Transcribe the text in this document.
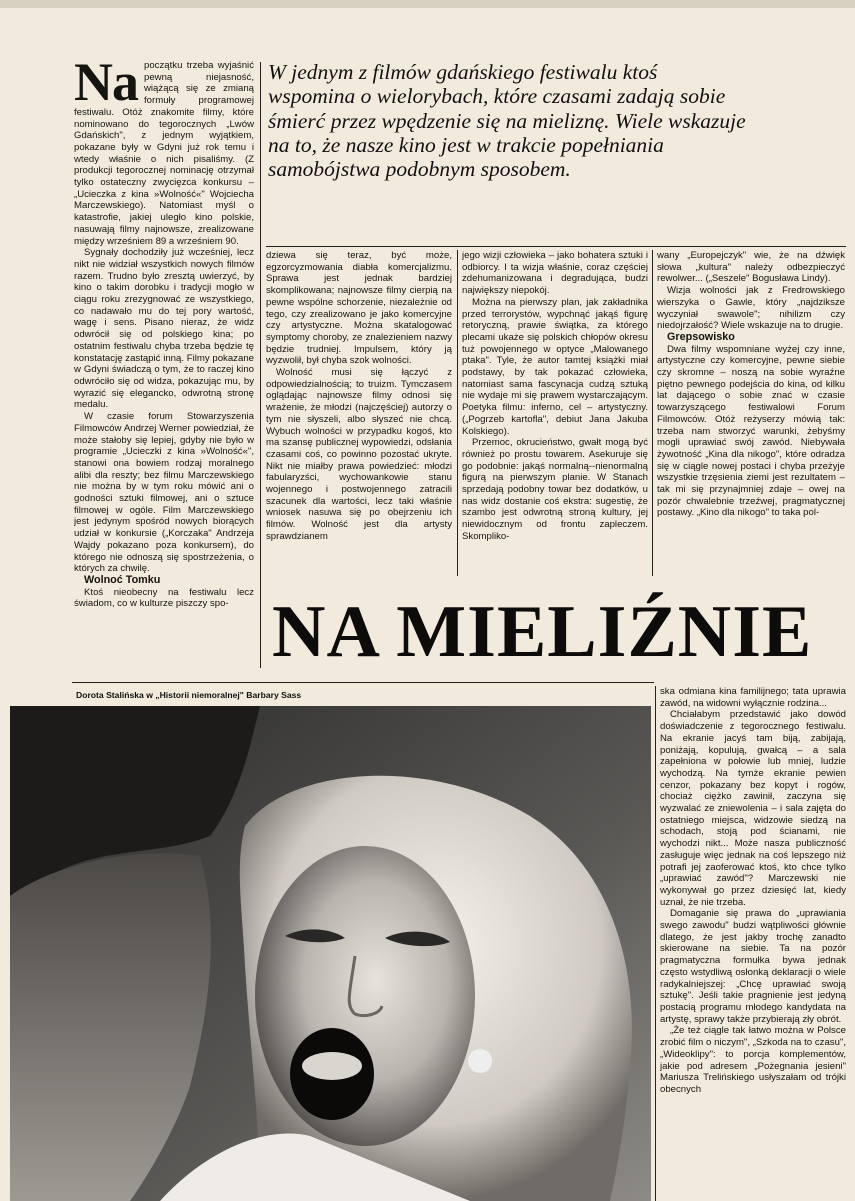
Na początku trzeba wyjaśnić pewną niejasność, wiążącą się ze zmianą formuły programowej festiwalu. Otóż znakomite filmy, które nominowano do tegorocznych „Lwów Gdańskich", z jednym wyjątkiem, pokazane były w Gdyni już rok temu i wtedy właśnie o nich pisaliśmy. (Z produkcji tegorocznej nominację otrzymał tylko ostateczny zwycięzca konkursu – „Ucieczka z kina »Wolność«" Wojciecha Marczewskiego). Natomiast myśl o katastrofie, jakiej uległo kino polskie, nasuwają filmy najnowsze, zrealizowane między wrześniem 89 a wrześniem 90.

Sygnały dochodziły już wcześniej, lecz nikt nie widział wszystkich nowych filmów razem. Trudno było zresztą uwierzyć, by kino o takim dorobku i tradycji mogło w ciągu roku zrezygnować ze wszystkiego, co nadawało mu do tej pory wartość, wagę i sens. Pisano nieraz, że widz odwrócił się od polskiego kina; po ostatnim festiwalu chyba trzeba będzie tę konstatację zastąpić inną. Filmy pokazane w Gdyni świadczą o tym, że to raczej kino odwróciło się od widza, pokazując mu, by wyrazić się elegancko, odwrotną stronę medalu.

W czasie forum Stowarzyszenia Filmowców Andrzej Werner powiedział, że może stałoby się lepiej, gdyby nie było w programie „Ucieczki z kina »Wolność«", stanowi ona bowiem rodzaj moralnego alibi dla reszty; bez filmu Marczewskiego nie można by w tym roku mówić ani o godności sztuki filmowej, ani o sztuce filmowej w ogóle. Film Marczewskiego jest jedynym spośród nowych biorących udział w konkursie („Korczaka" Andrzeja Wajdy pokazano poza konkursem), do którego nie odnoszą się spostrzeżenia, o których za chwilę.

Wolnoć Tomku

Ktoś nieobecny na festiwalu lecz świadom, co w kulturze piszczy spo-

W jednym z filmów gdańskiego festiwalu ktoś wspomina o wielorybach, które czasami zadają sobie śmierć przez wpędzenie się na mieliznę. Wiele wskazuje na to, że nasze kino jest w trakcie popełniania samobójstwa podobnym sposobem.

dziewa się teraz, być może, egzorcyzmowania diabła komercjalizmu. Sprawa jest jednak bardziej skomplikowana; najnowsze filmy cierpią na pewne wspólne schorzenie, niezależnie od tego, czy zrealizowano je jako komercyjne czy artystyczne. Można skatalogować symptomy choroby, ze znalezieniem nazwy będzie trudniej. Impulsem, który ją wyzwolił, był chyba szok wolności.

Wolność musi się łączyć z odpowiedzialnością; to truizm. Tymczasem oglądając najnowsze filmy odnosi się wrażenie, że młodzi (najczęściej) autorzy o tym nie słyszeli, albo słyszeć nie chcą. Wybuch wolności w przypadku kogoś, kto ma szansę publicznej wypowiedzi, odsłania czasami coś, co powinno pozostać ukryte. Nikt nie miałby prawa powiedzieć: młodzi fabularyzści, wychowankowie stanu wojennego i postwojennego zatracili szacunek dla wartości, lecz taki właśnie wniosek nasuwa się po obejrzeniu ich filmów. Wolność jest dla artysty sprawdzianem

jego wizji człowieka – jako bohatera sztuki i odbiorcy. I ta wizja właśnie, coraz częściej zdehumanizowana i degradująca, budzi największy niepokój.

Można na pierwszy plan, jak zakładnika przed terrorystów, wypchnąć jakąś figurę retoryczną, prawie świątka, za którego plecami ukaże się polskich chłopów okresu tuż powojennego w optyce „Malowanego ptaka". Tyle, że autor tamtej książki miał podstawy, by tak pokazać człowieka, natomiast sama fascynacja cudzą sztuką nie wydaje mi się prawem wystarczającym. Poetyka filmu: inferno, cel – artystyczny. („Pogrzeb kartofla", debiut Jana Jakuba Kolskiego).

Przemoc, okrucieństwo, gwałt mogą być również po prostu towarem. Asekuruje się go podobnie: jakąś normalną--nienormalną figurą na pierwszym planie. W Stanach sprzedają podobny towar bez dodatków, u nas widz dostanie coś ekstra: sugestię, że szambo jest odwrotną stroną kultury, jej niewidocznym od frontu zapleczem. Skomplіko-

wany „Europejczyk" wie, że na dźwięk słowa „kultura" należy odbezpieczyć rewolwer... („Seszele" Bogusława Lindy).

Wizja wolności jak z Fredrowskiego wierszyka o Gawle, który „najdziksze wyczyniał swawole"; nihilizm czy niedojrzałość? Wiele wskazuje na to drugie.

Grepsowisko

Dwa filmy wspomniane wyżej czy inne, artystyczne czy komercyjne, pewne siebie czy skromne – noszą na sobie wyraźne piętno pewnego podejścia do kina, od kilku lat dającego o sobie znać w czasie towarzyszącego festiwalowi Forum Filmowców. Otóż reżyserzy mówią tak: trzeba nam stworzyć warunki, żebyśmy mogli uprawiać swój zawód. Niebywała żywotność „Kina dla nikogo", które odradza się w ciągle nowej postaci i chyba przeżyje wszystkie trzęsienia ziemi jest rezultatem – tak mi się przynajmniej zdaje – owej na pozór chwalebnie trzeźwej, pragmatycznej postawy. „Kino dla nikogo" to taka pol-

NA MIELIŹNIE
Dorota Stalińska w „Historii niemoralnej" Barbary Sass	ska odmiana kina familijnego; tata uprawia zawód, na widowni wyłącznie rodzina...

Chciałabym przedstawić jako dowód doświadczenie z tegorocznego festiwalu. Na ekranie jacyś tam biją, zabijają, poniżają, kopulują, gwałcą – a sala zapełniona w połowie lub mniej, ludzie wychodzą. Na tymże ekranie pewien cenzor, pokazany bez kopyt i rogów, chociaż ciężko zawinił, zaczyna się wyzwalać ze zniewolenia – i sala zajęta do ostatniego miejsca, widzowie siedzą na schodach, stoją pod ścianami, nie wychodzi nikt... Może nasza publiczność zasługuje więc jednak na coś lepszego niż potrafi jej zaoferować ktoś, kto chce tylko „uprawiać zawód"? Marczewski nie wykonywał go przez dziesięć lat, kiedy uznał, że nie trzeba.

Domaganie się prawa do „uprawiania swego zawodu" budzi wątpliwości głównie dlatego, że jest jakby trochę zanadto skierowane na siebie. Ta na pozór pragmatyczna formułka bywa jednak często wstydliwą osłonką deklaracji o wiele radykalniejszej: „Chcę uprawiać swoją sztukę". Jeśli takie pragnienie jest jedyną postacią programu młodego kandydata na artystę, sprawy także przybierają zły obrót.

„Że też ciągle tak łatwo można w Polsce zrobić film o niczym", „Szkoda na to czasu", „Wideoklipy": to porcja komplementów, jakie pod adresem „Pożegnania jesieni" Mariusza Trelińskiego usłyszałam od trójki obecnych
